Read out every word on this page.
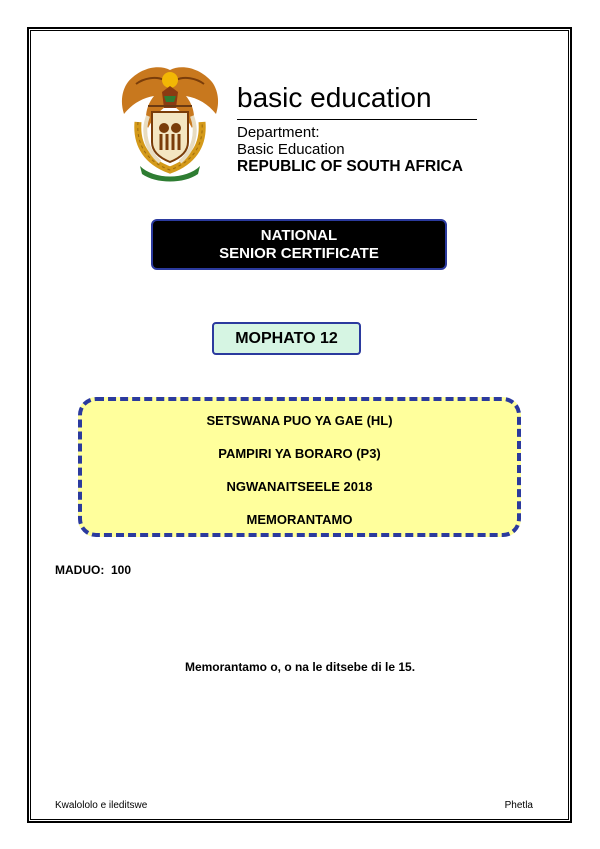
basic education
Department:
Basic Education
REPUBLIC OF SOUTH AFRICA
NATIONAL
SENIOR CERTIFICATE
MOPHATO 12
SETSWANA PUO YA GAE (HL)
PAMPIRI YA BORARO (P3)
NGWANAITSEELE 2018
MEMORANTAMO
MADUO:  100
Memorantamo o, o na le ditsebe di le 15.
Kwalololo e ileditswe	Phetla
